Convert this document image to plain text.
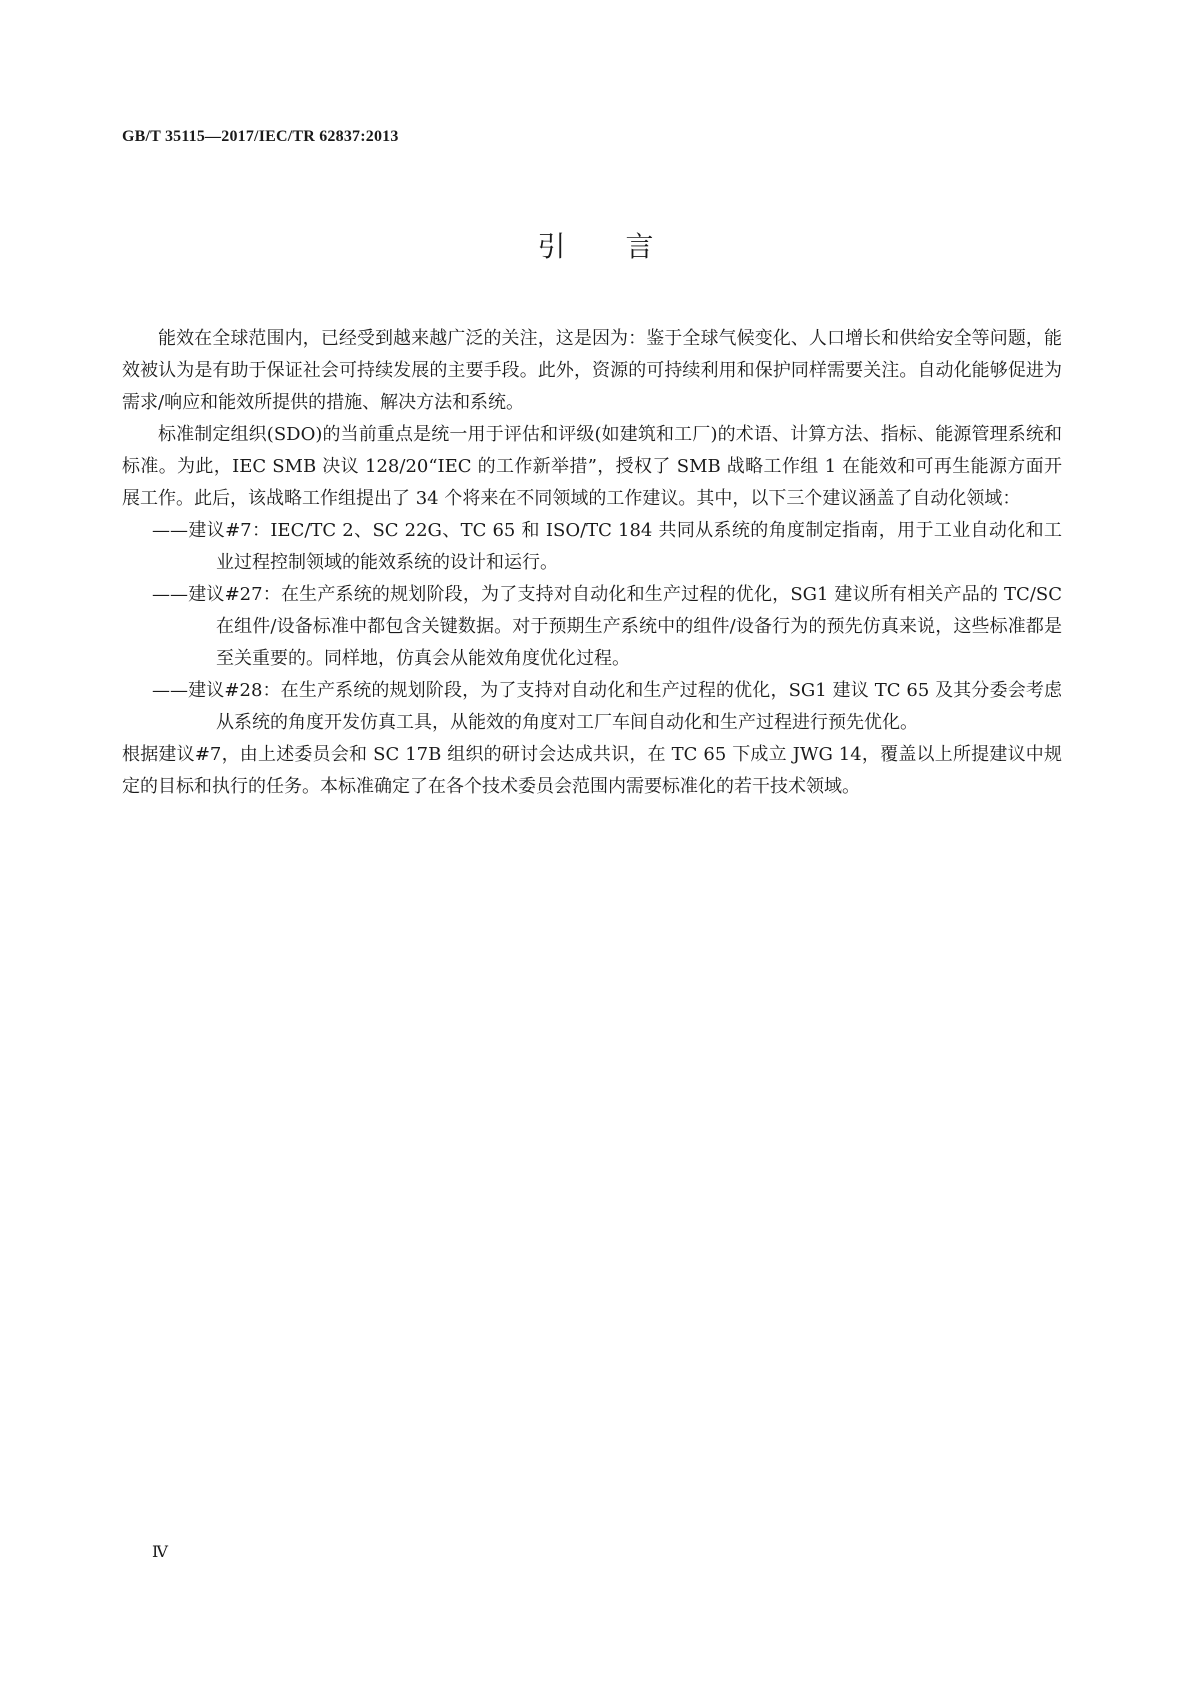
GB/T 35115—2017/IEC/TR 62837:2013
引言

能效在全球范围内，已经受到越来越广泛的关注，这是因为：鉴于全球气候变化、人口增长和供给安全等问题，能效被认为是有助于保证社会可持续发展的主要手段。此外，资源的可持续利用和保护同样需要关注。自动化能够促进为需求/响应和能效所提供的措施、解决方法和系统。

标准制定组织(SDO)的当前重点是统一用于评估和评级(如建筑和工厂)的术语、计算方法、指标、能源管理系统和标准。为此，IEC SMB 决议 128/20“IEC 的工作新举措”，授权了 SMB 战略工作组 1 在能效和可再生能源方面开展工作。此后，该战略工作组提出了 34 个将来在不同领域的工作建议。其中，以下三个建议涵盖了自动化领域：

——建议#7：IEC/TC 2、SC 22G、TC 65 和 ISO/TC 184 共同从系统的角度制定指南，用于工业自动化和工业过程控制领域的能效系统的设计和运行。

——建议#27：在生产系统的规划阶段，为了支持对自动化和生产过程的优化，SG1 建议所有相关产品的 TC/SC 在组件/设备标准中都包含关键数据。对于预期生产系统中的组件/设备行为的预先仿真来说，这些标准都是至关重要的。同样地，仿真会从能效角度优化过程。

——建议#28：在生产系统的规划阶段，为了支持对自动化和生产过程的优化，SG1 建议 TC 65 及其分委会考虑从系统的角度开发仿真工具，从能效的角度对工厂车间自动化和生产过程进行预先优化。

根据建议#7，由上述委员会和 SC 17B 组织的研讨会达成共识，在 TC 65 下成立 JWG 14，覆盖以上所提建议中规定的目标和执行的任务。本标准确定了在各个技术委员会范围内需要标准化的若干技术领域。

Ⅳ
